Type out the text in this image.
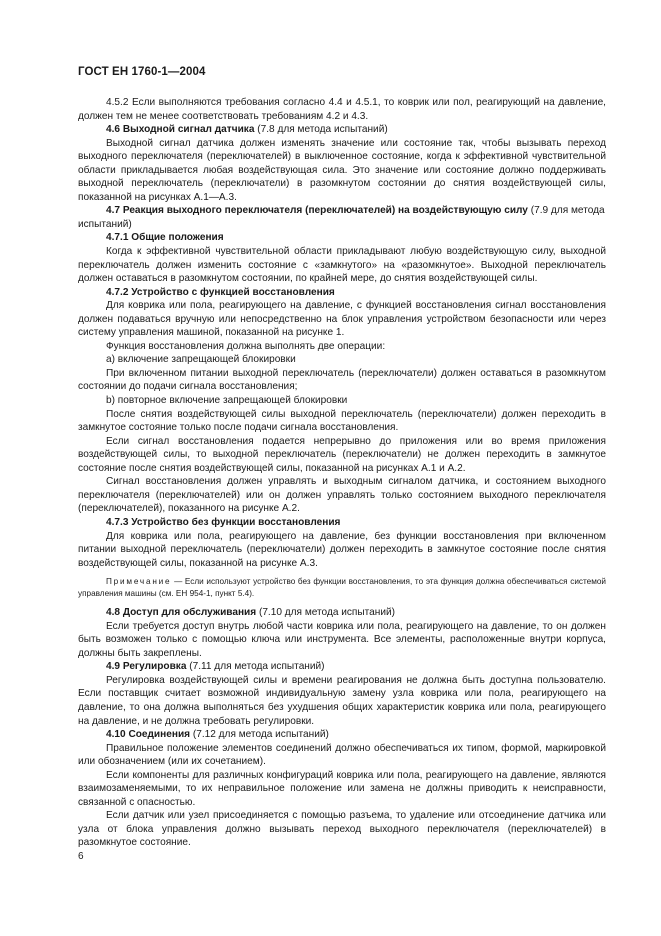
ГОСТ ЕН 1760-1—2004

4.5.2 Если выполняются требования согласно 4.4 и 4.5.1, то коврик или пол, реагирующий на давление, должен тем не менее соответствовать требованиям 4.2 и 4.3.

4.6 Выходной сигнал датчика (7.8 для метода испытаний)

Выходной сигнал датчика должен изменять значение или состояние так, чтобы вызывать переход выходного переключателя (переключателей) в выключенное состояние, когда к эффективной чувствительной области прикладывается любая воздействующая сила. Это значение или состояние должно поддерживать выходной переключатель (переключатели) в разомкнутом состоянии до снятия воздействующей силы, показанной на рисунках А.1—А.3.

4.7 Реакция выходного переключателя (переключателей) на воздействующую силу (7.9 для метода испытаний)

4.7.1 Общие положения

Когда к эффективной чувствительной области прикладывают любую воздействующую силу, выходной переключатель должен изменить состояние с «замкнутого» на «разомкнутое». Выходной переключатель должен оставаться в разомкнутом состоянии, по крайней мере, до снятия воздействующей силы.

4.7.2 Устройство с функцией восстановления

Для коврика или пола, реагирующего на давление, с функцией восстановления сигнал восстановления должен подаваться вручную или непосредственно на блок управления устройством безопасности или через систему управления машиной, показанной на рисунке 1.

Функция восстановления должна выполнять две операции:

a) включение запрещающей блокировки

При включенном питании выходной переключатель (переключатели) должен оставаться в разомкнутом состоянии до подачи сигнала восстановления;

b) повторное включение запрещающей блокировки

После снятия воздействующей силы выходной переключатель (переключатели) должен переходить в замкнутое состояние только после подачи сигнала восстановления.

Если сигнал восстановления подается непрерывно до приложения или во время приложения воздействующей силы, то выходной переключатель (переключатели) не должен переходить в замкнутое состояние после снятия воздействующей силы, показанной на рисунках А.1 и А.2.

Сигнал восстановления должен управлять и выходным сигналом датчика, и состоянием выходного переключателя (переключателей) или он должен управлять только состоянием выходного переключателя (переключателей), показанного на рисунке А.2.

4.7.3 Устройство без функции восстановления

Для коврика или пола, реагирующего на давление, без функции восстановления при включенном питании выходной переключатель (переключатели) должен переходить в замкнутое состояние после снятия воздействующей силы, показанной на рисунке А.3.

Примечание — Если используют устройство без функции восстановления, то эта функция должна обеспечиваться системой управления машины (см. ЕН 954-1, пункт 5.4).

4.8 Доступ для обслуживания (7.10 для метода испытаний)

Если требуется доступ внутрь любой части коврика или пола, реагирующего на давление, то он должен быть возможен только с помощью ключа или инструмента. Все элементы, расположенные внутри корпуса, должны быть закреплены.

4.9 Регулировка (7.11 для метода испытаний)

Регулировка воздействующей силы и времени реагирования не должна быть доступна пользователю. Если поставщик считает возможной индивидуальную замену узла коврика или пола, реагирующего на давление, то она должна выполняться без ухудшения общих характеристик коврика или пола, реагирующего на давление, и не должна требовать регулировки.

4.10 Соединения (7.12 для метода испытаний)

Правильное положение элементов соединений должно обеспечиваться их типом, формой, маркировкой или обозначением (или их сочетанием).

Если компоненты для различных конфигураций коврика или пола, реагирующего на давление, являются взаимозаменяемыми, то их неправильное положение или замена не должны приводить к неисправности, связанной с опасностью.

Если датчик или узел присоединяется с помощью разъема, то удаление или отсоединение датчика или узла от блока управления должно вызывать переход выходного переключателя (переключателей) в разомкнутое состояние.

6
